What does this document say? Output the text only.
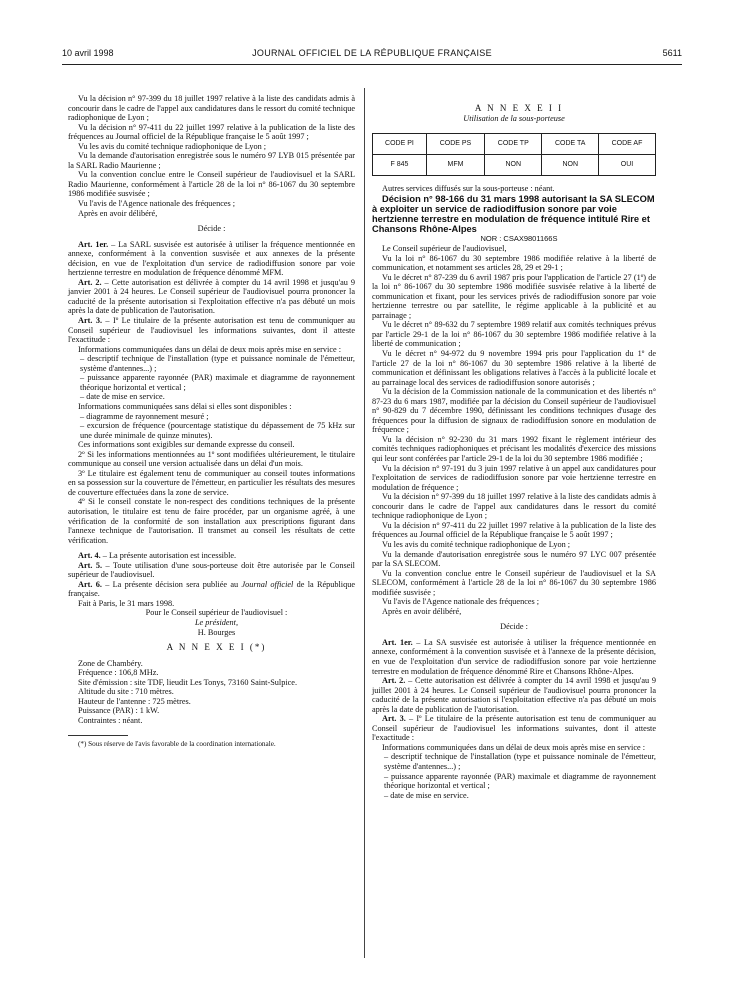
10 avril 1998	JOURNAL OFFICIEL DE LA RÉPUBLIQUE FRANÇAISE	5611

Vu la décision n° 97-399 du 18 juillet 1997 relative à la liste des candidats admis à concourir dans le cadre de l'appel aux candidatures dans le ressort du comité technique radiophonique de Lyon ;

Vu la décision n° 97-411 du 22 juillet 1997 relative à la publication de la liste des fréquences au Journal officiel de la République française le 5 août 1997 ;

Vu les avis du comité technique radiophonique de Lyon ;

Vu la demande d'autorisation enregistrée sous le numéro 97 LYB 015 présentée par la SARL Radio Maurienne ;

Vu la convention conclue entre le Conseil supérieur de l'audiovisuel et la SARL Radio Maurienne, conformément à l'article 28 de la loi n° 86-1067 du 30 septembre 1986 modifiée susvisée ;

Vu l'avis de l'Agence nationale des fréquences ;

Après en avoir délibéré,

Décide :

Art. 1er. – La SARL susvisée est autorisée à utiliser la fréquence mentionnée en annexe, conformément à la convention susvisée et aux annexes de la présente décision, en vue de l'exploitation d'un service de radiodiffusion sonore par voie hertzienne terrestre en modulation de fréquence dénommé MFM.

Art. 2. – Cette autorisation est délivrée à compter du 14 avril 1998 et jusqu'au 9 janvier 2001 à 24 heures. Le Conseil supérieur de l'audiovisuel pourra prononcer la caducité de la présente autorisation si l'exploitation effective n'a pas débuté un mois après la date de publication de l'autorisation.

Art. 3. – Iº Le titulaire de la présente autorisation est tenu de communiquer au Conseil supérieur de l'audiovisuel les informations suivantes, dont il atteste l'exactitude :

Informations communiquées dans un délai de deux mois après mise en service :

– descriptif technique de l'installation (type et puissance nominale de l'émetteur, système d'antennes...) ;

– puissance apparente rayonnée (PAR) maximale et diagramme de rayonnement théorique horizontal et vertical ;

– date de mise en service.

Informations communiquées sans délai si elles sont disponibles :

– diagramme de rayonnement mesuré ;

– excursion de fréquence (pourcentage statistique du dépassement de 75 kHz sur une durée minimale de quinze minutes).

Ces informations sont exigibles sur demande expresse du conseil.

2º Si les informations mentionnées au 1º sont modifiées ultérieurement, le titulaire communique au conseil une version actualisée dans un délai d'un mois.

3º Le titulaire est également tenu de communiquer au conseil toutes informations en sa possession sur la couverture de l'émetteur, en particulier les résultats des mesures de couverture effectuées dans la zone de service.

4º Si le conseil constate le non-respect des conditions techniques de la présente autorisation, le titulaire est tenu de faire procéder, par un organisme agréé, à une vérification de la conformité de son installation aux prescriptions figurant dans l'annexe technique de l'autorisation. Il transmet au conseil les résultats de cette vérification.

Art. 4. – La présente autorisation est incessible.

Art. 5. – Toute utilisation d'une sous-porteuse doit être autorisée par le Conseil supérieur de l'audiovisuel.

Art. 6. – La présente décision sera publiée au Journal officiel de la République française.

Fait à Paris, le 31 mars 1998.

Pour le Conseil supérieur de l'audiovisuel :

Le président,

H. Bourges

A N N E X E I (*)

Zone de Chambéry.

Fréquence : 106,8 MHz.

Site d'émission : site TDF, lieudit Les Tonys, 73160 Saint-Sulpice.

Altitude du site : 710 mètres.

Hauteur de l'antenne : 725 mètres.

Puissance (PAR) : 1 kW.

Contraintes : néant.

(*) Sous réserve de l'avis favorable de la coordination internationale.

A N N E X E I I

Utilisation de la sous-porteuse

CODE PI	CODE PS	CODE TP	CODE TA	CODE AF
F 845	MFM	NON	NON	OUI

Autres services diffusés sur la sous-porteuse : néant.

Décision n° 98-166 du 31 mars 1998 autorisant la SA SLECOM à exploiter un service de radiodiffusion sonore par voie hertzienne terrestre en modulation de fréquence intitulé Rire et Chansons Rhône-Alpes

NOR : CSAX9801166S

Le Conseil supérieur de l'audiovisuel,

Vu la loi n° 86-1067 du 30 septembre 1986 modifiée relative à la liberté de communication, et notamment ses articles 28, 29 et 29-1 ;

Vu le décret n° 87-239 du 6 avril 1987 pris pour l'application de l'article 27 (1º) de la loi n° 86-1067 du 30 septembre 1986 modifiée susvisée relative à la liberté de communication et fixant, pour les services privés de radiodiffusion sonore par voie hertzienne terrestre ou par satellite, le régime applicable à la publicité et au parrainage ;

Vu le décret n° 89-632 du 7 septembre 1989 relatif aux comités techniques prévus par l'article 29-1 de la loi n° 86-1067 du 30 septembre 1986 modifiée relative à la liberté de communication ;

Vu le décret n° 94-972 du 9 novembre 1994 pris pour l'application du 1º de l'article 27 de la loi n° 86-1067 du 30 septembre 1986 relative à la liberté de communication et définissant les obligations relatives à l'accès à la publicité locale et au parrainage local des services de radiodiffusion sonore autorisés ;

Vu la décision de la Commission nationale de la communication et des libertés n° 87-23 du 6 mars 1987, modifiée par la décision du Conseil supérieur de l'audiovisuel n° 90-829 du 7 décembre 1990, définissant les conditions techniques d'usage des fréquences pour la diffusion de signaux de radiodiffusion sonore en modulation de fréquence ;

Vu la décision n° 92-230 du 31 mars 1992 fixant le règlement intérieur des comités techniques radiophoniques et précisant les modalités d'exercice des missions qui leur sont conférées par l'article 29-1 de la loi du 30 septembre 1986 modifiée ;

Vu la décision n° 97-191 du 3 juin 1997 relative à un appel aux candidatures pour l'exploitation de services de radiodiffusion sonore par voie hertzienne terrestre en modulation de fréquence ;

Vu la décision n° 97-399 du 18 juillet 1997 relative à la liste des candidats admis à concourir dans le cadre de l'appel aux candidatures dans le ressort du comité technique radiophonique de Lyon ;

Vu la décision n° 97-411 du 22 juillet 1997 relative à la publication de la liste des fréquences au Journal officiel de la République française le 5 août 1997 ;

Vu les avis du comité technique radiophonique de Lyon ;

Vu la demande d'autorisation enregistrée sous le numéro 97 LYC 007 présentée par la SA SLECOM.

Vu la convention conclue entre le Conseil supérieur de l'audiovisuel et la SA SLECOM, conformément à l'article 28 de la loi n° 86-1067 du 30 septembre 1986 modifiée susvisée ;

Vu l'avis de l'Agence nationale des fréquences ;

Après en avoir délibéré,

Décide :

Art. 1er. – La SA susvisée est autorisée à utiliser la fréquence mentionnée en annexe, conformément à la convention susvisée et à l'annexe de la présente décision, en vue de l'exploitation d'un service de radiodiffusion sonore par voie hertzienne terrestre en modulation de fréquence dénommé Rire et Chansons Rhône-Alpes.

Art. 2. – Cette autorisation est délivrée à compter du 14 avril 1998 et jusqu'au 9 juillet 2001 à 24 heures. Le Conseil supérieur de l'audiovisuel pourra prononcer la caducité de la présente autorisation si l'exploitation effective n'a pas débuté un mois après la date de publication de l'autorisation.

Art. 3. – Iº Le titulaire de la présente autorisation est tenu de communiquer au Conseil supérieur de l'audiovisuel les informations suivantes, dont il atteste l'exactitude :

Informations communiquées dans un délai de deux mois après mise en service :

– descriptif technique de l'installation (type et puissance nominale de l'émetteur, système d'antennes...) ;

– puissance apparente rayonnée (PAR) maximale et diagramme de rayonnement théorique horizontal et vertical ;

– date de mise en service.
